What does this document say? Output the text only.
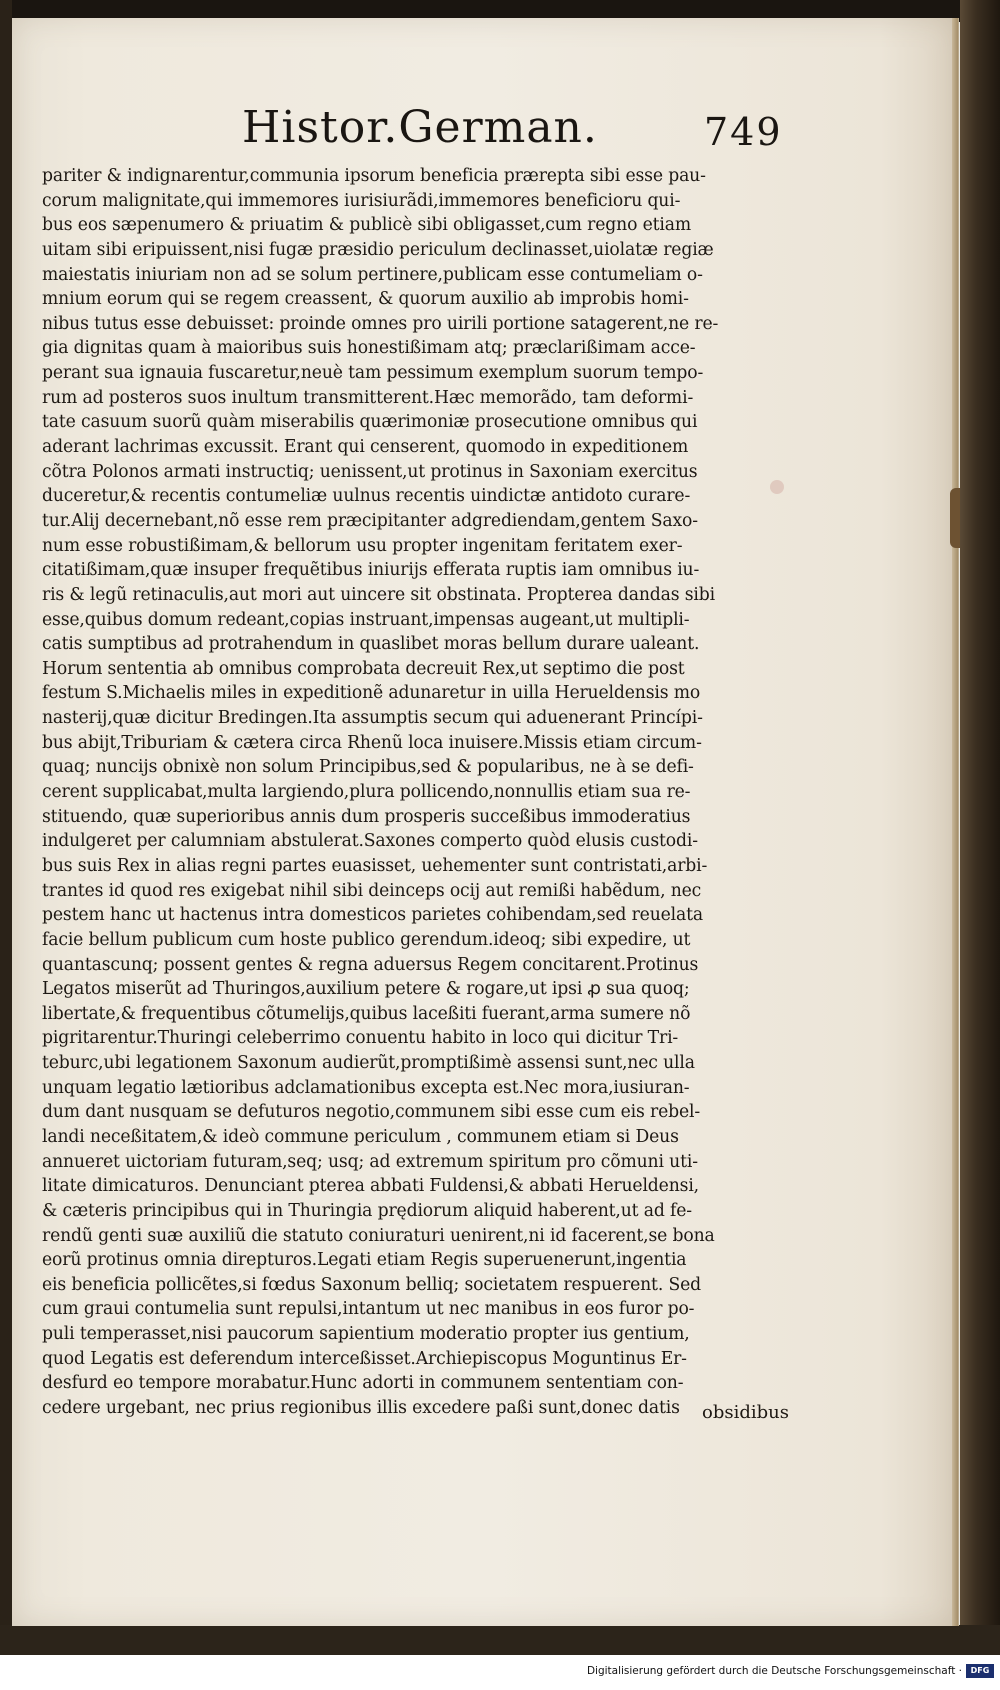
Histor.German.	749
pariter & indignarentur,communia ipsorum beneficia prærepta sibi esse pau-
corum malignitate,qui immemores iurisiurãdi,immemores beneficioru qui-
bus eos sæpenumero & priuatim & publicè sibi obligasset,cum regno etiam
uitam sibi eripuissent,nisi fugæ præsidio periculum declinasset,uiolatæ regiæ
maiestatis iniuriam non ad se solum pertinere,publicam esse contumeliam o-
mnium eorum qui se regem creassent, & quorum auxilio ab improbis homi-
nibus tutus esse debuisset: proinde omnes pro uirili portione satagerent,ne re-
gia dignitas quam à maioribus suis honestißimam atq; præclarißimam acce-
perant sua ignauia fuscaretur,neuè tam pessimum exemplum suorum tempo-
rum ad posteros suos inultum transmitterent.Hæc memorãdo, tam deformi-
tate casuum suorũ quàm miserabilis quærimoniæ prosecutione omnibus qui
aderant lachrimas excussit. Erant qui censerent, quomodo in expeditionem
cõtra Polonos armati instructiq; uenissent,ut protinus in Saxoniam exercitus
duceretur,& recentis contumeliæ uulnus recentis uindictæ antidoto curare-
tur.Alij decernebant,nõ esse rem præcipitanter adgrediendam,gentem Saxo-
num esse robustißimam,& bellorum usu propter ingenitam feritatem exer-
citatißimam,quæ insuper frequẽtibus iniurijs efferata ruptis iam omnibus iu-
ris & legũ retinaculis,aut mori aut uincere sit obstinata. Propterea dandas sibi
esse,quibus domum redeant,copias instruant,impensas augeant,ut multipli-
catis sumptibus ad protrahendum in quaslibet moras bellum durare ualeant.
Horum sententia ab omnibus comprobata decreuit Rex,ut septimo die post
festum S.Michaelis miles in expeditionẽ adunaretur in uilla Herueldensis mo
nasterij,quæ dicitur Bredingen.Ita assumptis secum qui aduenerant Princípi-
bus abijt,Triburiam & cætera circa Rhenũ loca inuisere.Missis etiam circum-
quaq; nuncijs obnixè non solum Principibus,sed & popularibus, ne à se defi-
cerent supplicabat,multa largiendo,plura pollicendo,nonnullis etiam sua re-
stituendo, quæ superioribus annis dum prosperis succeßibus immoderatius
indulgeret per calumniam abstulerat.Saxones comperto quòd elusis custodi-
bus suis Rex in alias regni partes euasisset, uehementer sunt contristati,arbi-
trantes id quod res exigebat nihil sibi deinceps ocij aut remißi habẽdum, nec
pestem hanc ut hactenus intra domesticos parietes cohibendam,sed reuelata
facie bellum publicum cum hoste publico gerendum.ideoq; sibi expedire, ut
quantascunq; possent gentes & regna aduersus Regem concitarent.Protinus
Legatos miserũt ad Thuringos,auxilium petere & rogare,ut ipsi ꝓ sua quoq;
libertate,& frequentibus cõtumelijs,quibus laceßiti fuerant,arma sumere nõ
pigritarentur.Thuringi celeberrimo conuentu habito in loco qui dicitur Tri-
teburc,ubi legationem Saxonum audierũt,promptißimè assensi sunt,nec ulla
unquam legatio lætioribus adclamationibus excepta est.Nec mora,iusiuran-
dum dant nusquam se defuturos negotio,communem sibi esse cum eis rebel-
landi neceßitatem,& ideò commune periculum , communem etiam si Deus
annueret uictoriam futuram,seq; usq; ad extremum spiritum pro cõmuni uti-
litate dimicaturos. Denunciant pterea abbati Fuldensi,& abbati Herueldensi,
& cæteris principibus qui in Thuringia prędiorum aliquid haberent,ut ad fe-
rendũ genti suæ auxiliũ die statuto coniuraturi uenirent,ni id facerent,se bona
eorũ protinus omnia direpturos.Legati etiam Regis superuenerunt,ingentia
eis beneficia pollicẽtes,si fœdus Saxonum belliq; societatem respuerent. Sed
cum graui contumelia sunt repulsi,intantum ut nec manibus in eos furor po-
puli temperasset,nisi paucorum sapientium moderatio propter ius gentium,
quod Legatis est deferendum interceßisset.Archiepiscopus Moguntinus Er-
desfurd eo tempore morabatur.Hunc adorti in communem sententiam con-
cedere urgebant, nec prius regionibus illis excedere paßi sunt,donec datis	obsidibus
Digitalisierung gefördert durch die Deutsche Forschungsgemeinschaft ·	DFG
